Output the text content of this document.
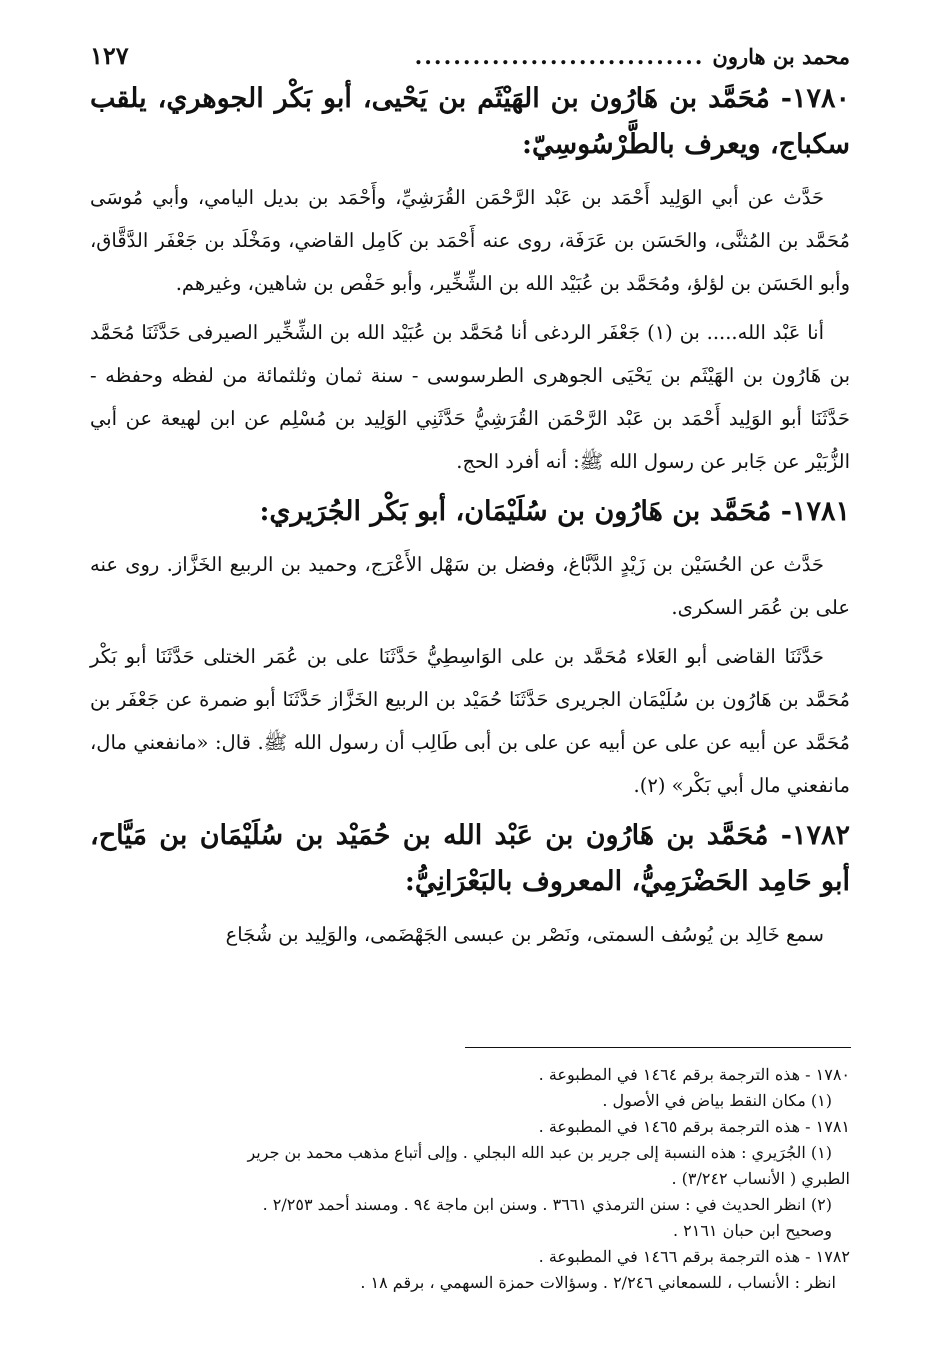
محمد بن هارون
..............................
١٢٧
١٧٨٠- مُحَمَّد بن هَارُون بن الهَيْثَم بن يَحْيى، أبو بَكْر الجوهري، يلقب سكباج، ويعرف بالطَّرْسُوسِيّ:

حَدَّث عن أبي الوَلِيد أَحْمَد بن عَبْد الرَّحْمَن القُرَشِيِّ، وأَحْمَد بن بديل اليامي، وأبي مُوسَى مُحَمَّد بن المُثنَّى، والحَسَن بن عَرَفَة، روى عنه أَحْمَد بن كَامِل القاضي، ومَخْلَد بن جَعْفَر الدَّقَّاق، وأبو الحَسَن بن لؤلؤ، ومُحَمَّد بن عُبَيْد الله بن الشِّخِّير، وأبو حَفْص بن شاهين، وغيرهم.

أنا عَبْد الله..... بن (١) جَعْفَر الردغى أنا مُحَمَّد بن عُبَيْد الله بن الشِّخِّير الصيرفى حَدَّثَنَا مُحَمَّد بن هَارُون بن الهَيْثَم بن يَحْيَى الجوهرى الطرسوسى - سنة ثمان وثلثمائة من لفظه وحفظه - حَدَّثَنَا أبو الوَلِيد أَحْمَد بن عَبْد الرَّحْمَن القُرَشِيُّ حَدَّثَنِي الوَلِيد بن مُسْلِم عن ابن لهيعة عن أبي الزُّبَيْر عن جَابر عن رسول الله ﷺ: أنه أفرد الحج.

١٧٨١- مُحَمَّد بن هَارُون بن سُلَيْمَان، أبو بَكْر الجُرَيري:

حَدَّث عن الحُسَيْن بن زَيْدٍ الدَّبَّاغ، وفضل بن سَهْل الأَعْرَج، وحميد بن الربيع الخَزَّاز. روى عنه على بن عُمَر السكرى.

حَدَّثَنَا القاضى أبو العَلاء مُحَمَّد بن على الوَاسِطِيُّ حَدَّثَنَا على بن عُمَر الختلى حَدَّثَنَا أبو بَكْر مُحَمَّد بن هَارُون بن سُلَيْمَان الجريرى حَدَّثَنَا حُمَيْد بن الربيع الخَزَّاز حَدَّثَنَا أبو ضمرة عن جَعْفَر بن مُحَمَّد عن أبيه عن على عن أبيه عن على بن أبى طَالِب أن رسول الله ﷺ. قال: «مانفعني مال، مانفعني مال أبي بَكْر» (٢).

١٧٨٢- مُحَمَّد بن هَارُون بن عَبْد الله بن حُمَيْد بن سُلَيْمَان بن مَيَّاح، أبو حَامِد الحَضْرَمِيُّ، المعروف بالبَعْرَانِيُّ:

سمع خَالِد بن يُوسُف السمتى، ونَصْر بن عبسى الجَهْضَمى، والوَلِيد بن شُجَاع

١٧٨٠ - هذه الترجمة برقم ١٤٦٤ في المطبوعة .

(١) مكان النقط بياض في الأصول .

١٧٨١ - هذه الترجمة برقم ١٤٦٥ في المطبوعة .

(١) الجُرَيري : هذه النسبة إلى جرير بن عبد الله البجلي . وإلى أتباع مذهب محمد بن جرير

الطبري ( الأنساب ٣/٢٤٢) .

(٢) انظر الحديث في : سنن الترمذي ٣٦٦١ . وسنن ابن ماجة ٩٤ . ومسند أحمد ٢/٢٥٣ .

وصحيح ابن حبان ٢١٦١ .

١٧٨٢ - هذه الترجمة برقم ١٤٦٦ في المطبوعة .

انظر : الأنساب ، للسمعاني ٢/٢٤٦ . وسؤالات حمزة السهمي ، برقم ١٨ .
